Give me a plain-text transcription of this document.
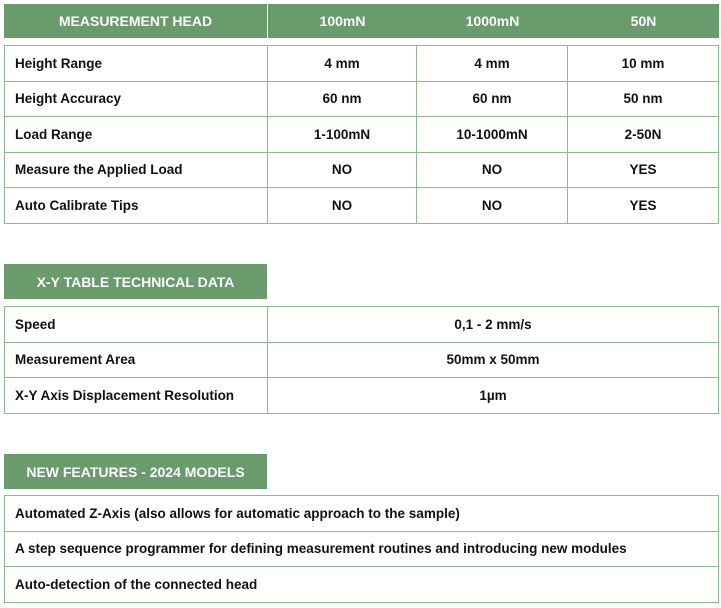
MEASUREMENT HEAD	100mN	1000mN	50N
Height Range	4 mm	4 mm	10 mm
Height Accuracy	60 nm	60 nm	50 nm
Load Range	1-100mN	10-1000mN	2-50N
Measure the Applied Load	NO	NO	YES
Auto Calibrate Tips	NO	NO	YES
X-Y TABLE TECHNICAL DATA
Speed	0,1 - 2 mm/s
Measurement Area	50mm x 50mm
X-Y Axis Displacement Resolution	1µm
NEW FEATURES - 2024 MODELS
Automated Z-Axis (also allows for automatic approach to the sample)
A step sequence programmer for defining measurement routines and introducing new modules
Auto-detection of the connected head
